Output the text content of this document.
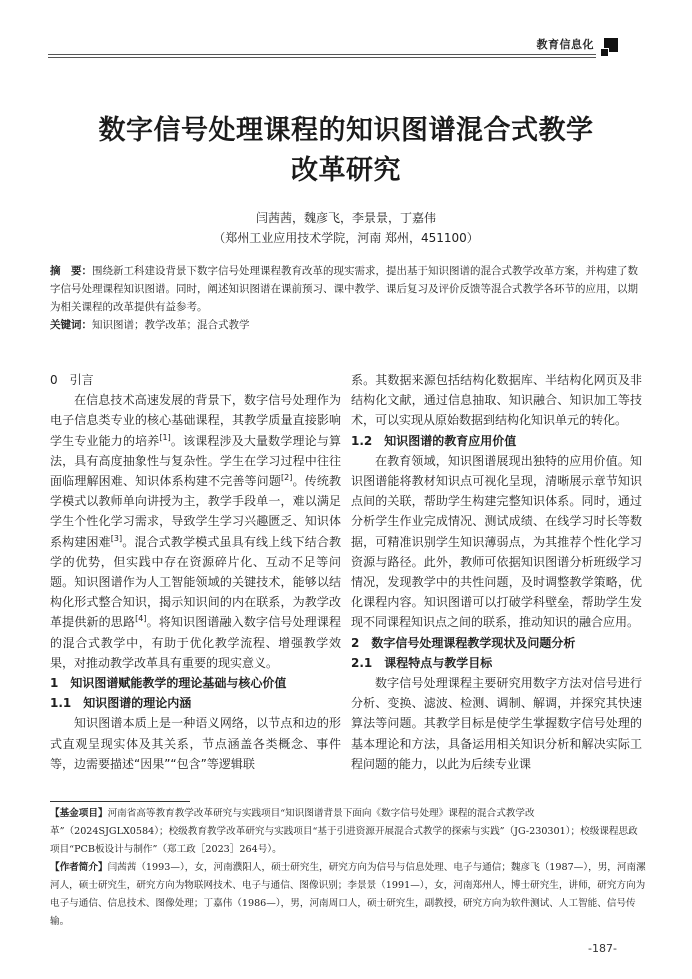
教育信息化
数字信号处理课程的知识图谱混合式教学
改革研究
闫茜茜，魏彦飞，李景景，丁嘉伟
（郑州工业应用技术学院，河南 郑州，451100）
摘　要：围绕新工科建设背景下数字信号处理课程教育改革的现实需求，提出基于知识图谱的混合式教学改革方案，并构建了数字信号处理课程知识图谱。同时，阐述知识图谱在课前预习、课中教学、课后复习及评价反馈等混合式教学各环节的应用，以期为相关课程的改革提供有益参考。
关键词：知识图谱；教学改革；混合式教学

0　引言

在信息技术高速发展的背景下，数字信号处理作为电子信息类专业的核心基础课程，其教学质量直接影响学生专业能力的培养[1]。该课程涉及大量数学理论与算法，具有高度抽象性与复杂性。学生在学习过程中往往面临理解困难、知识体系构建不完善等问题[2]。传统教学模式以教师单向讲授为主，教学手段单一，难以满足学生个性化学习需求，导致学生学习兴趣匮乏、知识体系构建困难[3]。混合式教学模式虽具有线上线下结合教学的优势，但实践中存在资源碎片化、互动不足等问题。知识图谱作为人工智能领域的关键技术，能够以结构化形式整合知识，揭示知识间的内在联系，为教学改革提供新的思路[4]。将知识图谱融入数字信号处理课程的混合式教学中，有助于优化教学流程、增强教学效果，对推动教学改革具有重要的现实意义。

1　知识图谱赋能教学的理论基础与核心价值

1.1　知识图谱的理论内涵

知识图谱本质上是一种语义网络，以节点和边的形式直观呈现实体及其关系，节点涵盖各类概念、事件等，边需要描述“因果”“包含”等逻辑联

系。其数据来源包括结构化数据库、半结构化网页及非结构化文献，通过信息抽取、知识融合、知识加工等技术，可以实现从原始数据到结构化知识单元的转化。

1.2　知识图谱的教育应用价值

在教育领域，知识图谱展现出独特的应用价值。知识图谱能将教材知识点可视化呈现，清晰展示章节知识点间的关联，帮助学生构建完整知识体系。同时，通过分析学生作业完成情况、测试成绩、在线学习时长等数据，可精准识别学生知识薄弱点，为其推荐个性化学习资源与路径。此外，教师可依据知识图谱分析班级学习情况，发现教学中的共性问题，及时调整教学策略，优化课程内容。知识图谱可以打破学科壁垒，帮助学生发现不同课程知识点之间的联系，推动知识的融合应用。

2　数字信号处理课程教学现状及问题分析

2.1　课程特点与教学目标

数字信号处理课程主要研究用数字方法对信号进行分析、变换、滤波、检测、调制、解调，并探究其快速算法等问题。其教学目标是使学生掌握数字信号处理的基本理论和方法，具备运用相关知识分析和解决实际工程问题的能力，以此为后续专业课

【基金项目】河南省高等教育教学改革研究与实践项目“知识图谱背景下面向《数字信号处理》课程的混合式教学改革”（2024SJGLX0584）；校级教育教学改革研究与实践项目“基于引进资源开展混合式教学的探索与实践”（JG-230301）；校级课程思政项目“PCB板设计与制作”（郑工政［2023］264号）。
【作者简介】闫茜茜（1993—），女，河南濮阳人，硕士研究生，研究方向为信号与信息处理、电子与通信；魏彦飞（1987—），男，河南漯河人，硕士研究生，研究方向为物联网技术、电子与通信、图像识别；李景景（1991—），女，河南郑州人，博士研究生，讲师，研究方向为电子与通信、信息技术、图像处理；丁嘉伟（1986—），男，河南周口人，硕士研究生，副教授，研究方向为软件测试、人工智能、信号传输。
-187-
